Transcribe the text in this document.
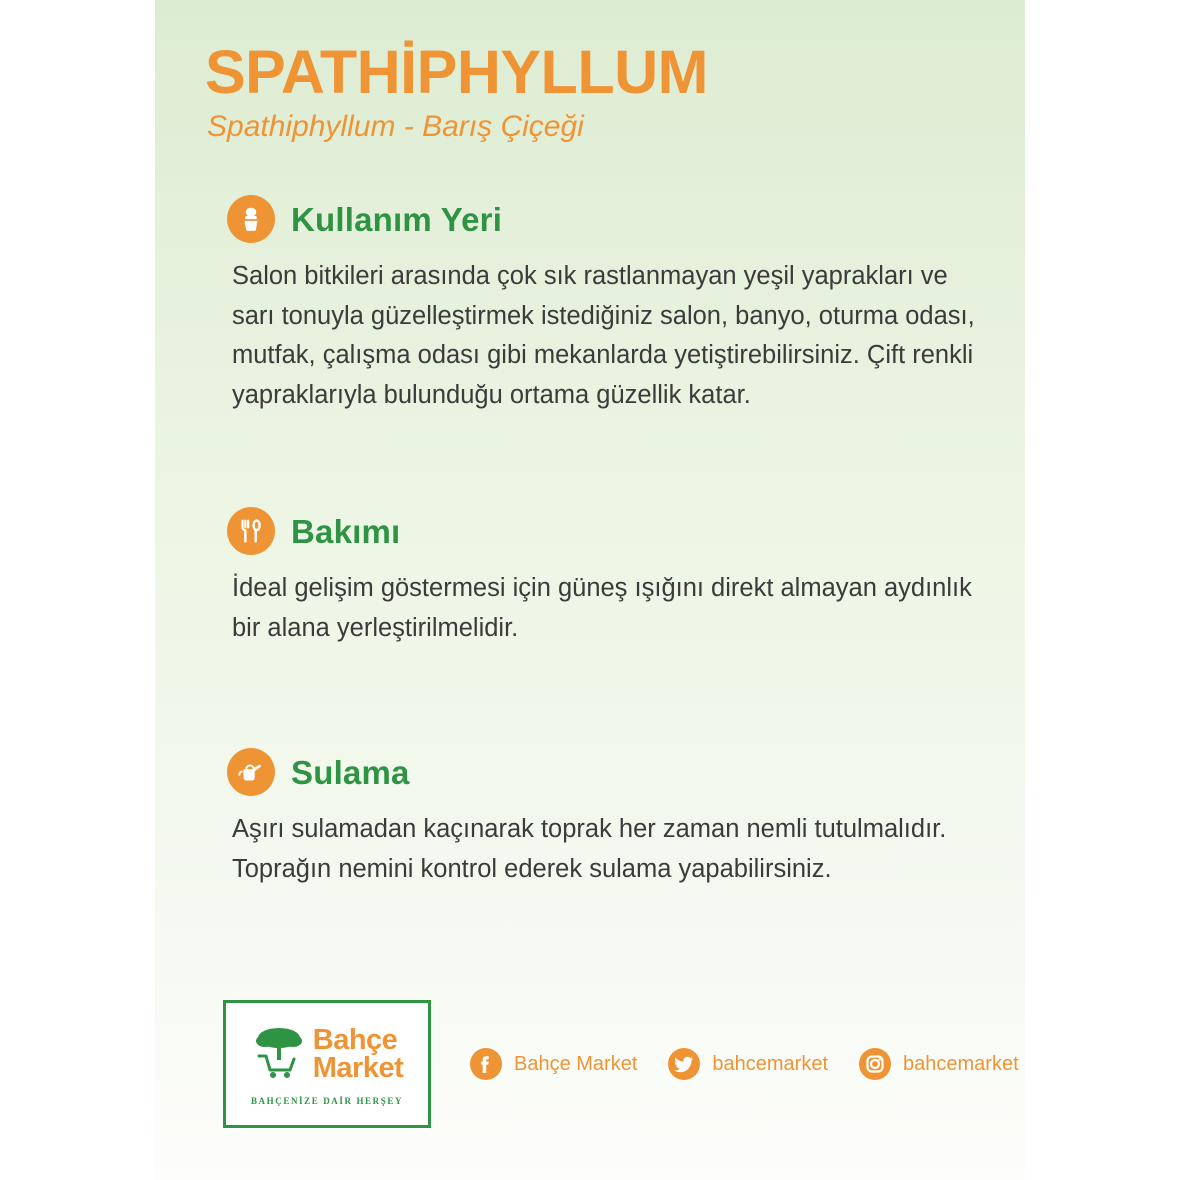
SPATHİPHYLLUM
Spathiphyllum - Barış Çiçeği
Kullanım Yeri

Salon bitkileri arasında çok sık rastlanmayan yeşil yaprakları ve sarı tonuyla güzelleştirmek istediğiniz salon, banyo, oturma odası, mutfak, çalışma odası gibi mekanlarda yetiştirebilirsiniz. Çift renkli yapraklarıyla bulunduğu ortama güzellik katar.

Bakımı

İdeal gelişim göstermesi için güneş ışığını direkt almayan aydınlık bir alana yerleştirilmelidir.

Sulama

Aşırı sulamadan kaçınarak toprak her zaman nemli tutulmalıdır. Toprağın nemini kontrol ederek sulama yapabilirsiniz.

Bahçe
Market
BAHÇENİZE DAİR HERŞEY
Bahçe Market	bahcemarket	bahcemarket
